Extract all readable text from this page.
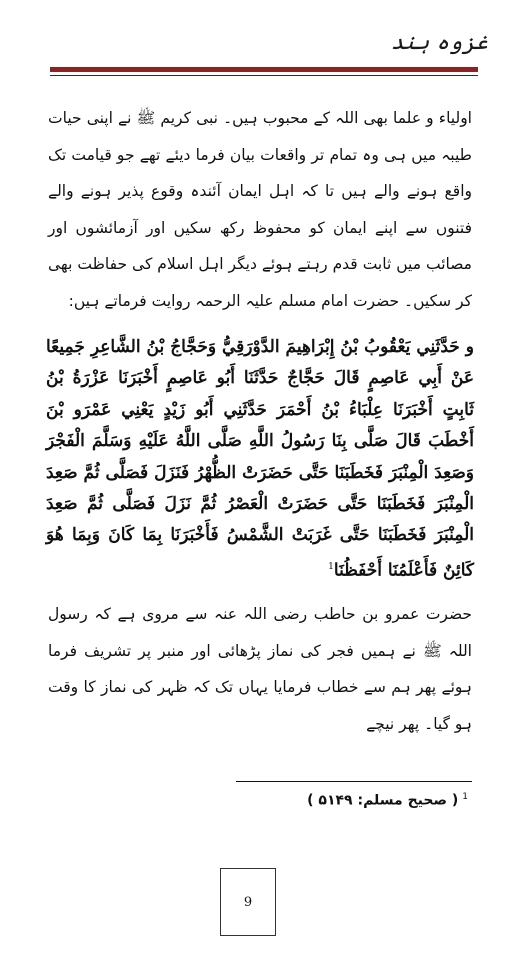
غزوہ ہند
اولیاء و علما بھی اللہ کے محبوب ہیں۔ نبی کریم ﷺ نے اپنی حیات طیبہ میں ہی وہ تمام تر واقعات بیان فرما دیئے تھے جو قیامت تک واقع ہونے والے ہیں تا کہ اہل ایمان آئندہ وقوع پذیر ہونے والے فتنوں سے اپنے ایمان کو محفوظ رکھ سکیں اور آزمائشوں اور مصائب میں ثابت قدم رہتے ہوئے دیگر اہل اسلام کی حفاظت بھی کر سکیں۔ حضرت امام مسلم علیہ الرحمہ روایت فرماتے ہیں:
و حَدَّثَنِي يَعْقُوبُ بْنُ إِبْرَاهِيمَ الدَّوْرَقِيُّ وَحَجَّاجُ بْنُ الشَّاعِرِ جَمِيعًا عَنْ أَبِي عَاصِمٍ قَالَ حَجَّاجٌ حَدَّثَنَا أَبُو عَاصِمٍ أَخْبَرَنَا عَزْرَةُ بْنُ ثَابِتٍ أَخْبَرَنَا عِلْبَاءُ بْنُ أَحْمَرَ حَدَّثَنِي أَبُو زَيْدٍ يَعْنِي عَمْرَو بْنَ أَخْطَبَ قَالَ صَلَّى بِنَا رَسُولُ اللَّهِ صَلَّى اللَّهُ عَلَيْهِ وَسَلَّمَ الْفَجْرَ وَصَعِدَ الْمِنْبَرَ فَخَطَبَنَا حَتَّى حَضَرَتْ الظُّهْرُ فَنَزَلَ فَصَلَّى ثُمَّ صَعِدَ الْمِنْبَرَ فَخَطَبَنَا حَتَّى حَضَرَتْ الْعَصْرُ ثُمَّ نَزَلَ فَصَلَّى ثُمَّ صَعِدَ الْمِنْبَرَ فَخَطَبَنَا حَتَّى غَرَبَتْ الشَّمْسُ فَأَخْبَرَنَا بِمَا كَانَ وَبِمَا هُوَ كَائِنٌ فَأَعْلَمُنَا أَحْفَظُنَا$^1$
حضرت عمرو بن حاطب رضی اللہ عنہ سے مروی ہے کہ رسول اللہ ﷺ نے ہمیں فجر کی نماز پڑھائی اور منبر پر تشریف فرما ہوئے پھر ہم سے خطاب فرمایا یہاں تک کہ ظہر کی نماز کا وقت ہو گیا۔ پھر نیچے
$^1$( صحیح مسلم: ۵۱۴۹ )
9
